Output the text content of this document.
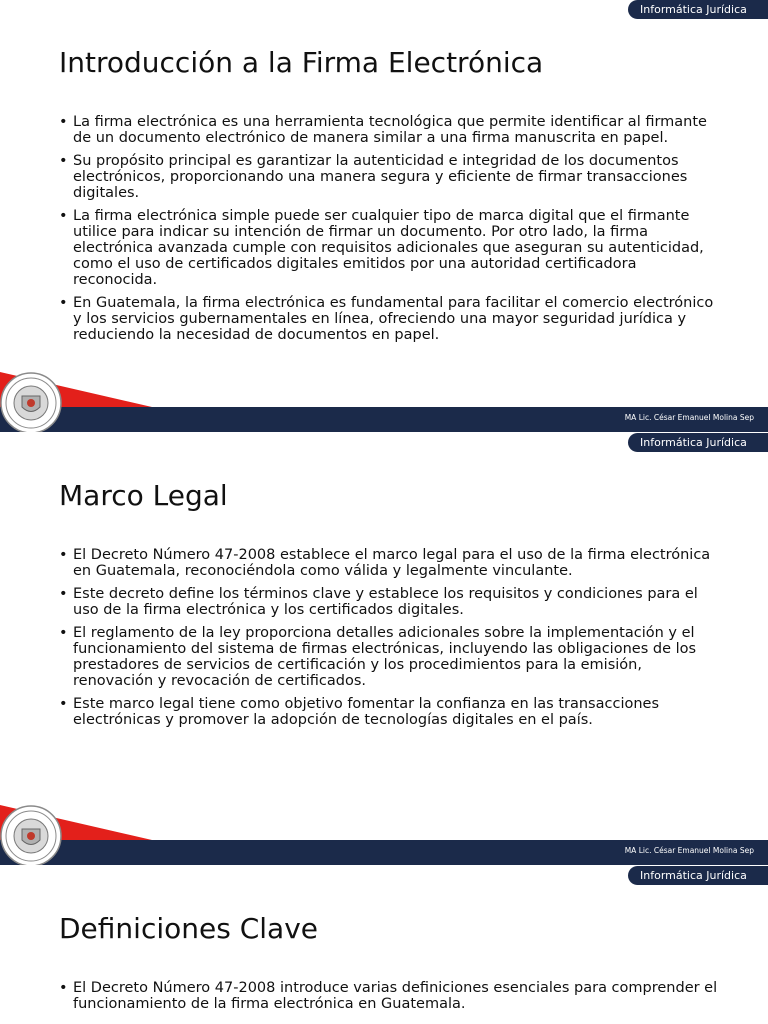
Informática Jurídica
Introducción a la Firma Electrónica
• La firma electrónica es una herramienta tecnológica que permite identificar al firmante de un documento electrónico de manera similar a una firma manuscrita en papel.
• Su propósito principal es garantizar la autenticidad e integridad de los documentos electrónicos, proporcionando una manera segura y eficiente de firmar transacciones digitales.
• La firma electrónica simple puede ser cualquier tipo de marca digital que el firmante utilice para indicar su intención de firmar un documento. Por otro lado, la firma electrónica avanzada cumple con requisitos adicionales que aseguran su autenticidad, como el uso de certificados digitales emitidos por una autoridad certificadora reconocida.
• En Guatemala, la firma electrónica es fundamental para facilitar el comercio electrónico y los servicios gubernamentales en línea, ofreciendo una mayor seguridad jurídica y reduciendo la necesidad de documentos en papel.
MA Lic. César Emanuel Molina Sep
Informática Jurídica
Marco Legal
• El Decreto Número 47-2008 establece el marco legal para el uso de la firma electrónica en Guatemala, reconociéndola como válida y legalmente vinculante.
• Este decreto define los términos clave y establece los requisitos y condiciones para el uso de la firma electrónica y los certificados digitales.
• El reglamento de la ley proporciona detalles adicionales sobre la implementación y el funcionamiento del sistema de firmas electrónicas, incluyendo las obligaciones de los prestadores de servicios de certificación y los procedimientos para la emisión, renovación y revocación de certificados.
• Este marco legal tiene como objetivo fomentar la confianza en las transacciones electrónicas y promover la adopción de tecnologías digitales en el país.
MA Lic. César Emanuel Molina Sep
Informática Jurídica
Definiciones Clave
• El Decreto Número 47-2008 introduce varias definiciones esenciales para comprender el funcionamiento de la firma electrónica en Guatemala.
